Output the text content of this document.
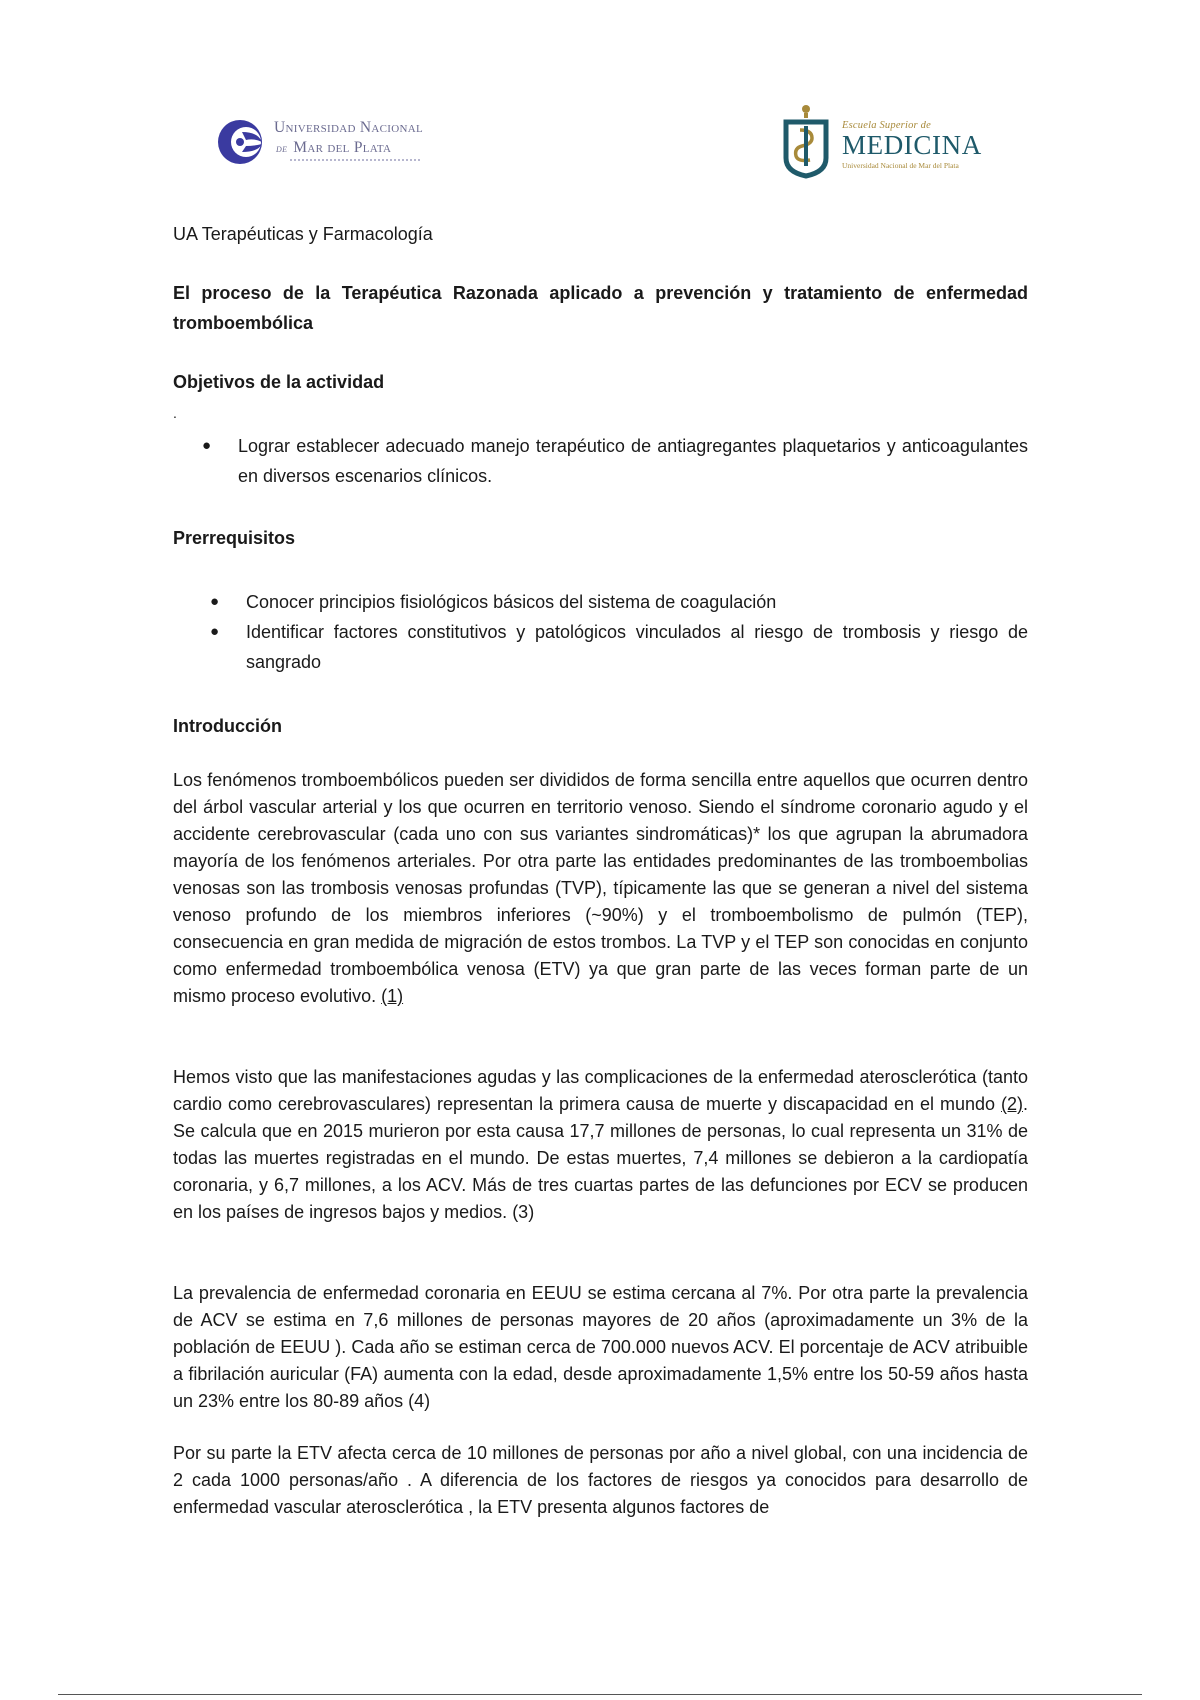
Universidad Nacional
de Mar del Plata
Escuela Superior de
MEDICINA
Universidad Nacional de Mar del Plata
UA Terapéuticas y Farmacología
El proceso de la Terapéutica Razonada aplicado a prevención y tratamiento de enfermedad tromboembólica
Objetivos de la actividad
.
● Lograr establecer adecuado manejo terapéutico de antiagregantes plaquetarios y anticoagulantes en diversos escenarios clínicos.
Prerrequisitos
● Conocer principios fisiológicos básicos del sistema de coagulación
● Identificar factores constitutivos y patológicos vinculados al riesgo de trombosis y riesgo de sangrado
Introducción

Los fenómenos tromboembólicos pueden ser divididos de forma sencilla entre aquellos que ocurren dentro del árbol vascular arterial y los que ocurren en territorio venoso. Siendo el síndrome coronario agudo y el accidente cerebrovascular (cada uno con sus variantes sindromáticas)* los que agrupan la abrumadora mayoría de los fenómenos arteriales. Por otra parte las entidades predominantes de las tromboembolias venosas son las trombosis venosas profundas (TVP), típicamente las que se generan a nivel del sistema venoso profundo de los miembros inferiores (~90%) y el tromboembolismo de pulmón (TEP), consecuencia en gran medida de migración de estos trombos. La TVP y el TEP son conocidas en conjunto como enfermedad tromboembólica venosa (ETV) ya que gran parte de las veces forman parte de un mismo proceso evolutivo. (1)

Hemos visto que las manifestaciones agudas y las complicaciones de la enfermedad aterosclerótica (tanto cardio como cerebrovasculares) representan la primera causa de muerte y discapacidad en el mundo (2). Se calcula que en 2015 murieron por esta causa 17,7 millones de personas, lo cual representa un 31% de todas las muertes registradas en el mundo. De estas muertes, 7,4 millones se debieron a la cardiopatía coronaria, y 6,7 millones, a los ACV. Más de tres cuartas partes de las defunciones por ECV se producen en los países de ingresos bajos y medios. (3)

La prevalencia de enfermedad coronaria en EEUU se estima cercana al 7%. Por otra parte la prevalencia de ACV se estima en 7,6 millones de personas mayores de 20 años (aproximadamente un 3% de la población de EEUU ). Cada año se estiman cerca de 700.000 nuevos ACV. El porcentaje de ACV atribuible a fibrilación auricular (FA) aumenta con la edad, desde aproximadamente 1,5% entre los 50-59 años hasta un 23% entre los 80-89 años (4)

Por su parte la ETV afecta cerca de 10 millones de personas por año a nivel global, con una incidencia de 2 cada 1000 personas/año . A diferencia de los factores de riesgos ya conocidos para desarrollo de enfermedad vascular aterosclerótica , la ETV presenta algunos factores de
